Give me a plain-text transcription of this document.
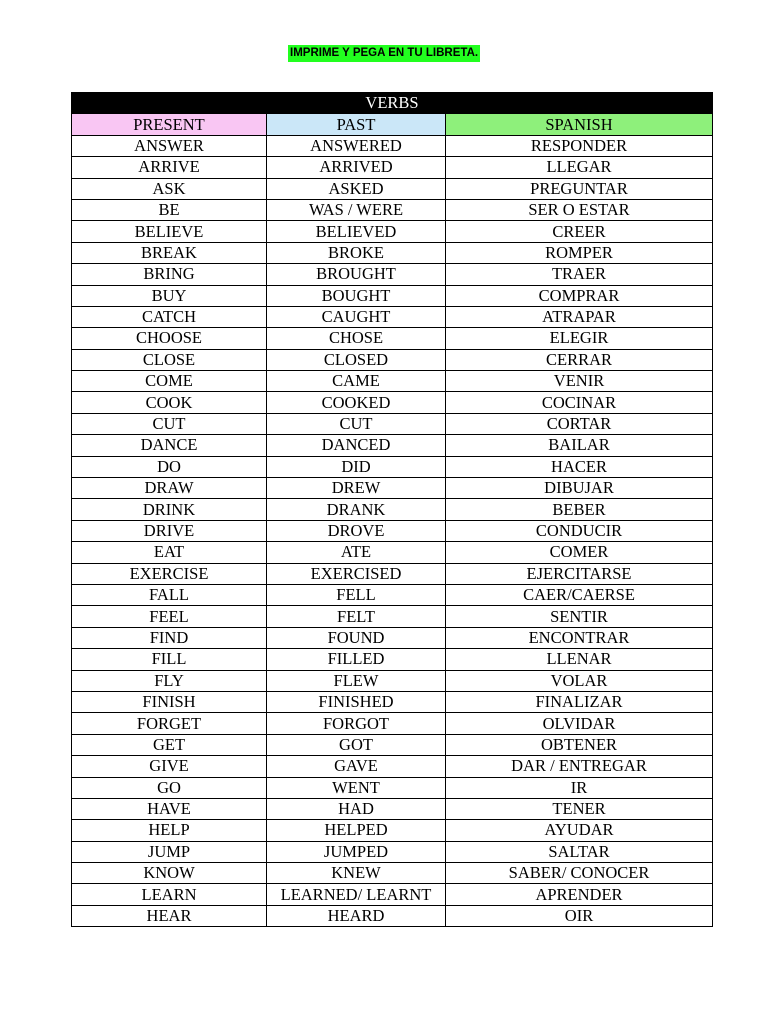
IMPRIME Y PEGA EN TU LIBRETA.
VERBS		
PRESENT	PAST	SPANISH
ANSWER	ANSWERED	RESPONDER
ARRIVE	ARRIVED	LLEGAR
ASK	ASKED	PREGUNTAR
BE	WAS / WERE	SER O ESTAR
BELIEVE	BELIEVED	CREER
BREAK	BROKE	ROMPER
BRING	BROUGHT	TRAER
BUY	BOUGHT	COMPRAR
CATCH	CAUGHT	ATRAPAR
CHOOSE	CHOSE	ELEGIR
CLOSE	CLOSED	CERRAR
COME	CAME	VENIR
COOK	COOKED	COCINAR
CUT	CUT	CORTAR
DANCE	DANCED	BAILAR
DO	DID	HACER
DRAW	DREW	DIBUJAR
DRINK	DRANK	BEBER
DRIVE	DROVE	CONDUCIR
EAT	ATE	COMER
EXERCISE	EXERCISED	EJERCITARSE
FALL	FELL	CAER/CAERSE
FEEL	FELT	SENTIR
FIND	FOUND	ENCONTRAR
FILL	FILLED	LLENAR
FLY	FLEW	VOLAR
FINISH	FINISHED	FINALIZAR
FORGET	FORGOT	OLVIDAR
GET	GOT	OBTENER
GIVE	GAVE	DAR / ENTREGAR
GO	WENT	IR
HAVE	HAD	TENER
HELP	HELPED	AYUDAR
JUMP	JUMPED	SALTAR
KNOW	KNEW	SABER/ CONOCER
LEARN	LEARNED/ LEARNT	APRENDER
HEAR	HEARD	OIR
